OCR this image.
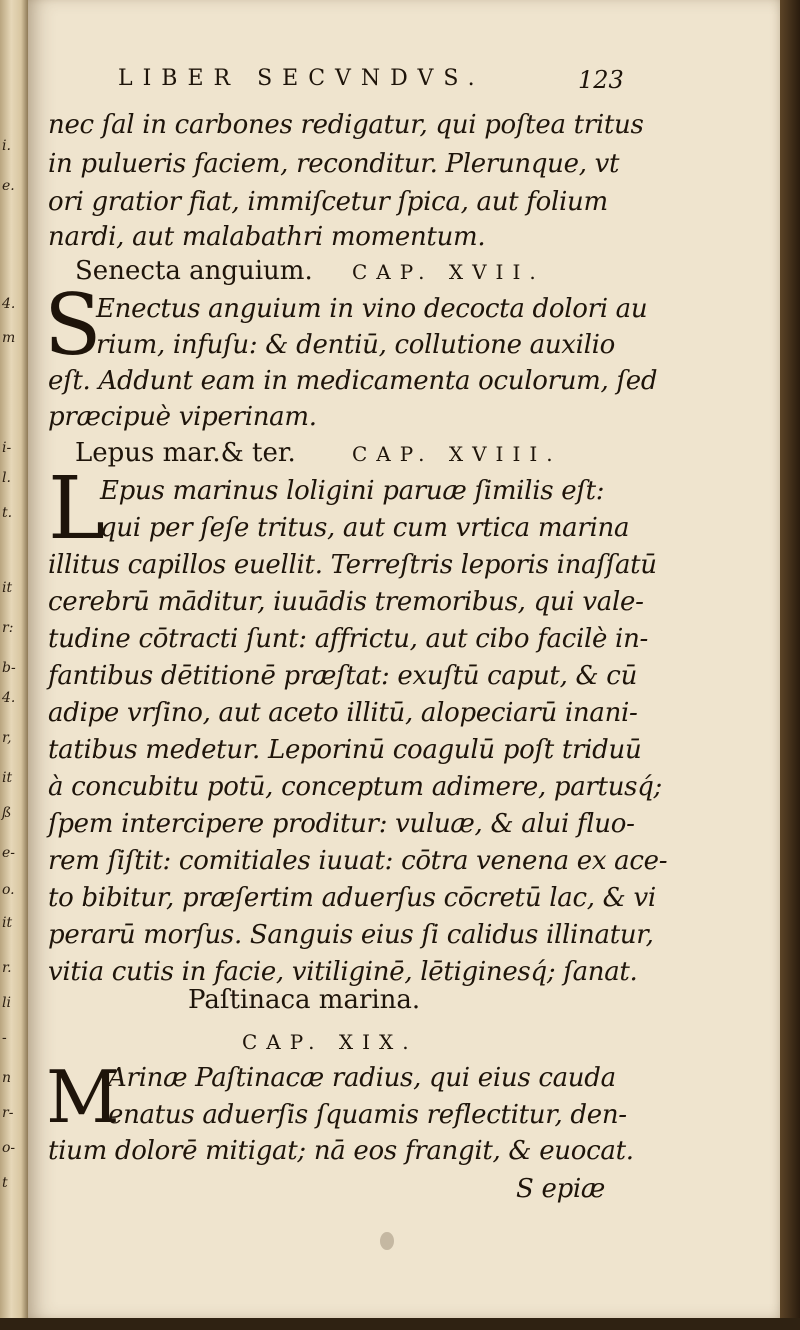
i.
e.
4.
m
i-
l.
t.
it
r:
b-
4.
r,
it
ß
e-
o.
it
r.
li
-
n
r-
o-
t
LIBER SECVNDVS.	123
nec ſal in carbones redigatur, qui poſtea tritus
in pulueris faciem, reconditur. Plerunque, vt
ori gratior fiat, immiſcetur ſpica, aut folium
nardi, aut malabathri momentum.
Senecta anguium. CAP. XVII.
S
Enectus anguium in vino decocta dolori au
rium, infuſu: & dentiū, collutione auxilio
eſt. Addunt eam in medicamenta oculorum, ſed
præcipuè viperinam.
Lepus mar.& ter.	CAP. XVIII.
L
Epus marinus loligini paruæ ſimilis eſt:
qui per ſeſe tritus, aut cum vrtica marina
illitus capillos euellit. Terreſtris leporis inaſſatū
cerebrū māditur, iuuādis tremoribus, qui vale-
tudine cōtracti ſunt: affrictu, aut cibo facilè in-
fantibus dētitionē præſtat: exuſtū caput, & cū
adipe vrſino, aut aceto illitū, alopeciarū inani-
tatibus medetur. Leporinū coagulū poſt triduū
à concubitu potū, conceptum adimere, partusq́;
ſpem intercipere proditur: vuluæ, & alui fluo-
rem ſiſtit: comitiales iuuat: cōtra venena ex ace-
to bibitur, præſertim aduerſus cōcretū lac, & vi
perarū morſus. Sanguis eius ſi calidus illinatur,
vitia cutis in facie, vitiliginē, lētiginesq́; ſanat.
Paſtinaca marina.
CAP. XIX.
M
Arinæ Paſtinacæ radius, qui eius cauda
enatus aduerſis ſquamis reflectitur, den-
tium dolorē mitigat; nā eos frangit, & euocat.
S epiæ
